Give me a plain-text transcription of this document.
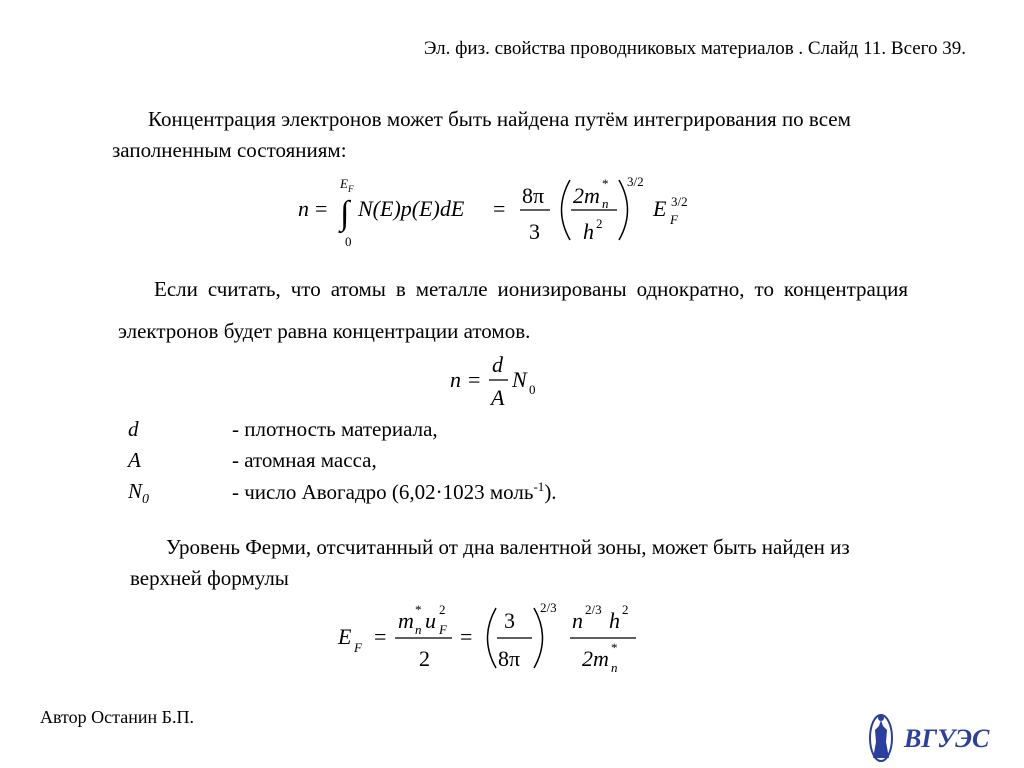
Эл. физ. свойства проводниковых материалов . Слайд 11. Всего 39.
Концентрация электронов может быть найдена путём интегрирования по всем заполненным состояниям:
n = ∫
E F
0
N(E)p(E)dE =
8π
3
2m *
n
h 2
3/2
E F
3/2
Если считать, что атомы в металле ионизированы однократно, то концентрация электронов будет равна концентрации атомов.
n =
d
A
N 0
d	- плотность материала,
A	- атомная масса,
$N_0$	- число Авогадро (6,02·1023 моль$^{-1}$).
Уровень Ферми, отсчитанный от дна валентной зоны, может быть найден из верхней формулы
E F =
m *
n u 2
F
2
=
3
8π
2/3
n 2/3 h 2
2m *
n
Автор Останин Б.П.
ВГУЭС
